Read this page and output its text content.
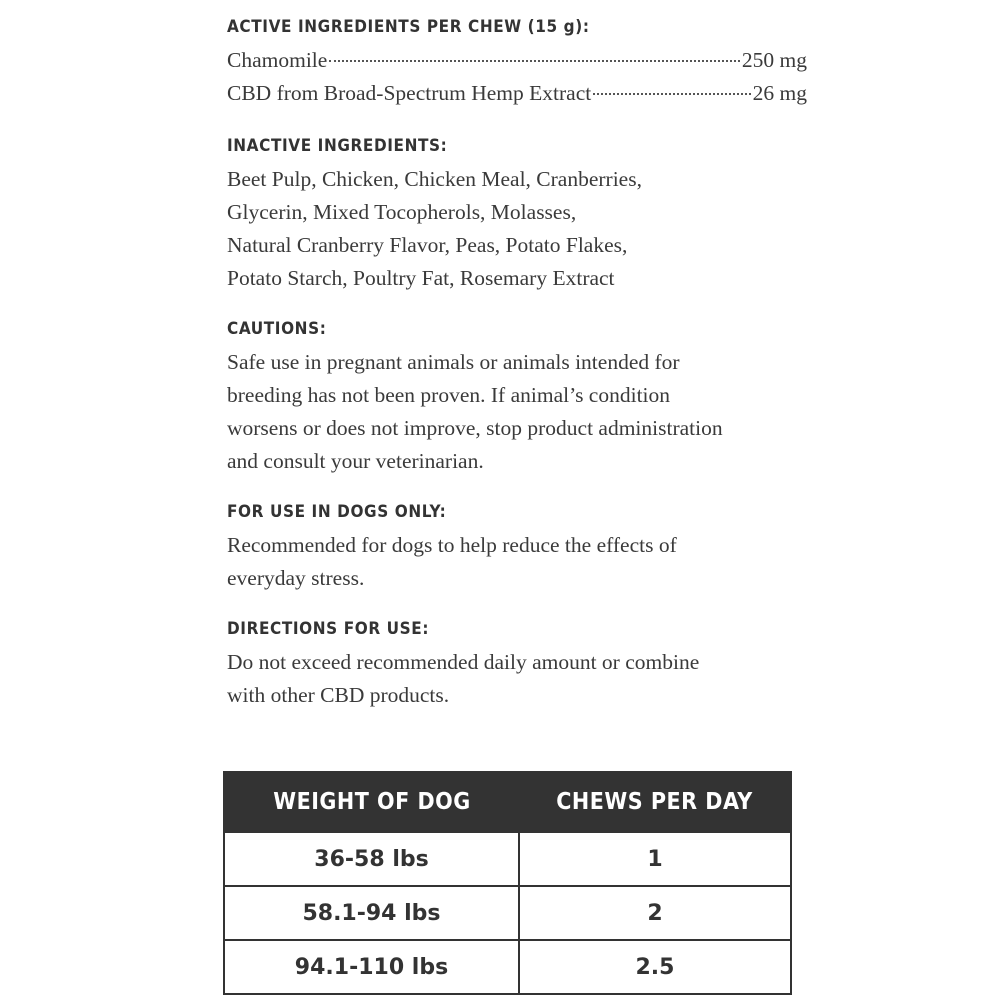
ACTIVE INGREDIENTS PER CHEW (15 g):
Chamomile	250 mg
CBD from Broad-Spectrum Hemp Extract	26 mg
INACTIVE INGREDIENTS:

Beet Pulp, Chicken, Chicken Meal, Cranberries,

Glycerin, Mixed Tocopherols, Molasses,

Natural Cranberry Flavor, Peas, Potato Flakes,

Potato Starch, Poultry Fat, Rosemary Extract

CAUTIONS:

Safe use in pregnant animals or animals intended for

breeding has not been proven. If animal’s condition

worsens or does not improve, stop product administration

and consult your veterinarian.

FOR USE IN DOGS ONLY:

Recommended for dogs to help reduce the effects of

everyday stress.

DIRECTIONS FOR USE:

Do not exceed recommended daily amount or combine

with other CBD products.

WEIGHT OF DOG	CHEWS PER DAY
36-58 lbs	1
58.1-94 lbs	2
94.1-110 lbs	2.5
